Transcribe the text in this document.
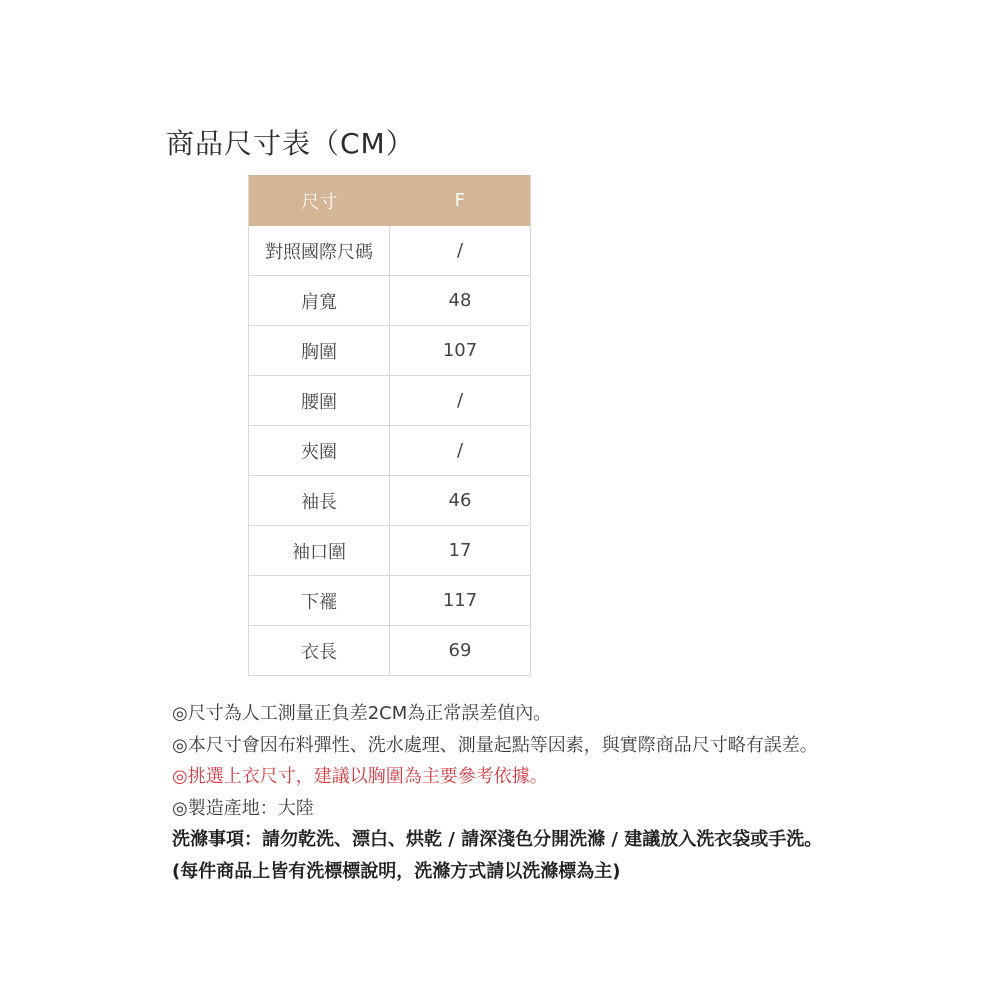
商品尺寸表（CM）
尺寸	F
對照國際尺碼	/
肩寬	48
胸圍	107
腰圍	/
夾圈	/
袖長	46
袖口圍	17
下襬	117
衣長	69
◎尺寸為人工測量正負差2CM為正常誤差值內。
◎本尺寸會因布料彈性、洗水處理、測量起點等因素，與實際商品尺寸略有誤差。
◎挑選上衣尺寸，建議以胸圍為主要參考依據。
◎製造產地：大陸
洗滌事項：請勿乾洗、漂白、烘乾 / 請深淺色分開洗滌 / 建議放入洗衣袋或手洗。
(每件商品上皆有洗標標說明，洗滌方式請以洗滌標為主)
